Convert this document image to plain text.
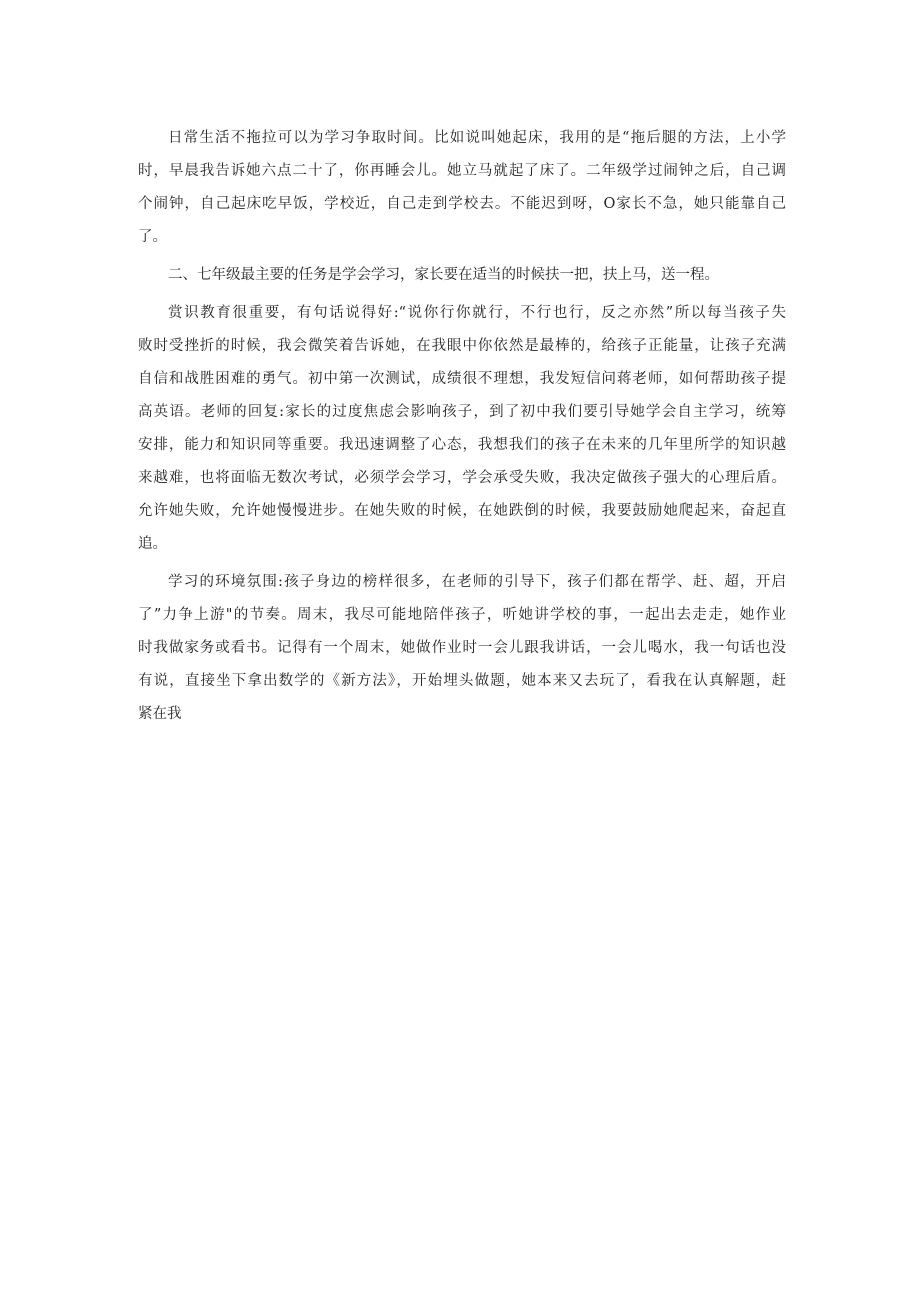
日常生活不拖拉可以为学习争取时间。比如说叫她起床，我用的是“拖后腿的方法，上小学
时，早晨我告诉她六点二十了，你再睡会儿。她立马就起了床了。二年级学过闹钟之后，自己调
个闹钟，自己起床吃早饭，学校近，自己走到学校去。不能迟到呀，O家长不急，她只能靠自己
了。
二、七年级最主要的任务是学会学习，家长要在适当的时候扶一把，扶上马，送一程。
赏识教育很重要，有句话说得好:“说你行你就行，不行也行，反之亦然”所以每当孩子失
败时受挫折的时候，我会微笑着告诉她，在我眼中你依然是最棒的，给孩子正能量，让孩子充满
自信和战胜困难的勇气。初中第一次测试，成绩很不理想，我发短信问蒋老师，如何帮助孩子提
高英语。老师的回复:家长的过度焦虑会影响孩子，到了初中我们要引导她学会自主学习，统筹
安排，能力和知识同等重要。我迅速调整了心态，我想我们的孩子在未来的几年里所学的知识越
来越难，也将面临无数次考试，必须学会学习，学会承受失败，我决定做孩子强大的心理后盾。
允许她失败，允许她慢慢进步。在她失败的时候，在她跌倒的时候，我要鼓励她爬起来，奋起直
追。
学习的环境氛围:孩子身边的榜样很多，在老师的引导下，孩子们都在帮学、赶、超，开启
了”力争上游"的节奏。周末，我尽可能地陪伴孩子，听她讲学校的事，一起出去走走，她作业
时我做家务或看书。记得有一个周末，她做作业时一会儿跟我讲话，一会儿喝水，我一句话也没
有说，直接坐下拿出数学的《新方法》，开始埋头做题，她本来又去玩了，看我在认真解题，赶
紧在我
